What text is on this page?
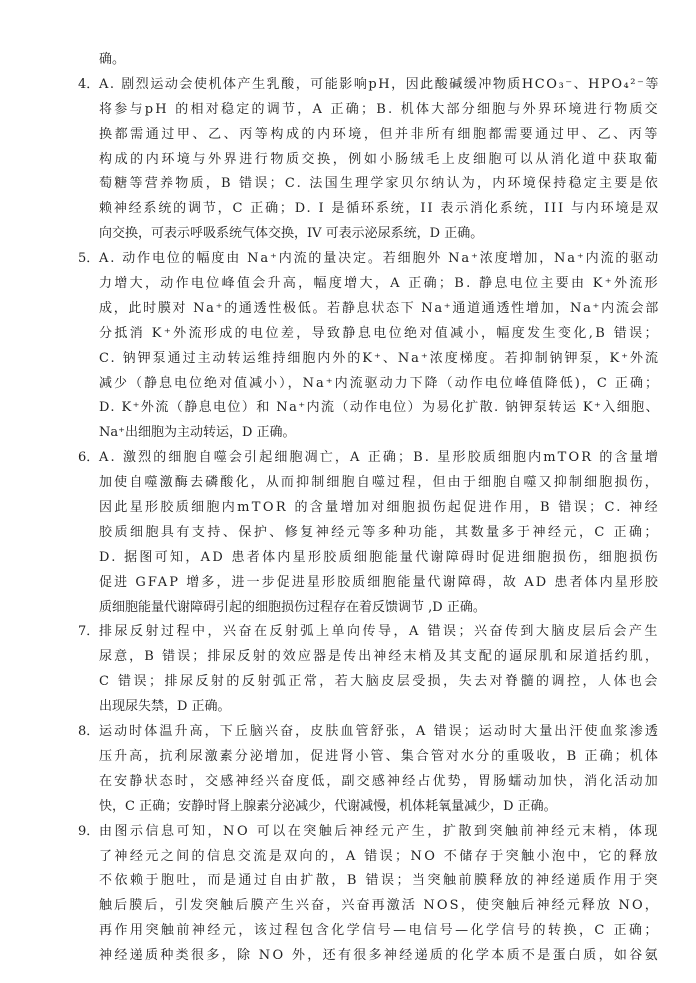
确。
4．A. 剧烈运动会使机体产生乳酸，可能影响pH，因此酸碱缓冲物质HCO₃⁻、HPO₄²⁻等
将参与pH 的相对稳定的调节，A 正确；B. 机体大部分细胞与外界环境进行物质交
换都需通过甲、乙、丙等构成的内环境，但并非所有细胞都需要通过甲、乙、丙等
构成的内环境与外界进行物质交换，例如小肠绒毛上皮细胞可以从消化道中获取葡
萄糖等营养物质，B 错误；C. 法国生理学家贝尔纳认为，内环境保持稳定主要是依
赖神经系统的调节，C 正确；D. I 是循环系统，II 表示消化系统，III 与内环境是双
向交换，可表示呼吸系统气体交换，IV 可表示泌尿系统，D 正确。
5．A. 动作电位的幅度由 Na⁺内流的量决定。若细胞外 Na⁺浓度增加，Na⁺内流的驱动
力增大，动作电位峰值会升高，幅度增大，A 正确；B. 静息电位主要由 K⁺外流形
成，此时膜对 Na⁺的通透性极低。若静息状态下 Na⁺通道通透性增加，Na⁺内流会部
分抵消 K⁺外流形成的电位差，导致静息电位绝对值减小，幅度发生变化,B 错误；
C. 钠钾泵通过主动转运维持细胞内外的K⁺、Na⁺浓度梯度。若抑制钠钾泵，K⁺外流
减少（静息电位绝对值减小），Na⁺内流驱动力下降（动作电位峰值降低)，C 正确；
D. K⁺外流（静息电位）和 Na⁺内流（动作电位）为易化扩散. 钠钾泵转运 K⁺入细胞、
Na⁺出细胞为主动转运，D 正确。
6．A. 激烈的细胞自噬会引起细胞凋亡，A 正确；B. 星形胶质细胞内mTOR 的含量增
加使自噬激酶去磷酸化，从而抑制细胞自噬过程，但由于细胞自噬又抑制细胞损伤，
因此星形胶质细胞内mTOR 的含量增加对细胞损伤起促进作用，B 错误；C. 神经
胶质细胞具有支持、保护、修复神经元等多种功能，其数量多于神经元，C 正确；
D. 据图可知，AD 患者体内星形胶质细胞能量代谢障碍时促进细胞损伤，细胞损伤
促进 GFAP 增多，进一步促进星形胶质细胞能量代谢障碍，故 AD 患者体内星形胶
质细胞能量代谢障碍引起的细胞损伤过程存在着反馈调节 ,D 正确。
7．排尿反射过程中，兴奋在反射弧上单向传导，A 错误；兴奋传到大脑皮层后会产生
尿意，B 错误；排尿反射的效应器是传出神经末梢及其支配的逼尿肌和尿道括约肌，
C 错误；排尿反射的反射弧正常，若大脑皮层受损，失去对脊髓的调控，人体也会
出现尿失禁，D 正确。
8．运动时体温升高，下丘脑兴奋，皮肤血管舒张，A 错误；运动时大量出汗使血浆渗透
压升高，抗利尿激素分泌增加，促进肾小管、集合管对水分的重吸收，B 正确；机体
在安静状态时，交感神经兴奋度低，副交感神经占优势，胃肠蠕动加快，消化活动加
快，C 正确；安静时肾上腺素分泌减少，代谢减慢，机体耗氧量减少，D 正确。
9．由图示信息可知，NO 可以在突触后神经元产生，扩散到突触前神经元末梢，体现
了神经元之间的信息交流是双向的，A 错误；NO 不储存于突触小泡中，它的释放
不依赖于胞吐，而是通过自由扩散，B 错误；当突触前膜释放的神经递质作用于突
触后膜后，引发突触后膜产生兴奋，兴奋再激活 NOS，使突触后神经元释放 NO，
再作用突触前神经元，该过程包含化学信号—电信号—化学信号的转换，C 正确；
神经递质种类很多，除 NO 外，还有很多神经递质的化学本质不是蛋白质，如谷氨
